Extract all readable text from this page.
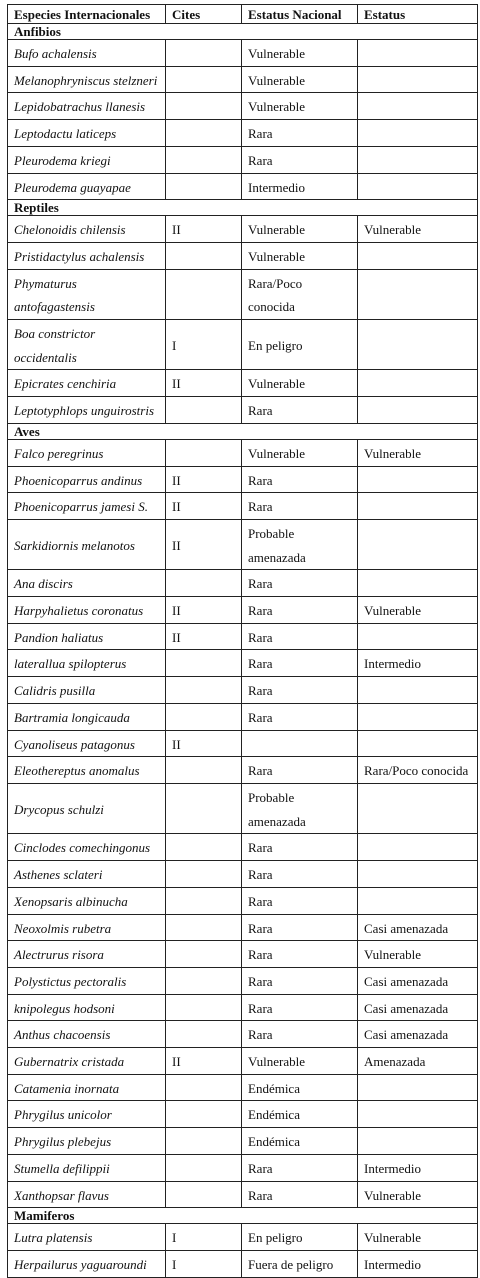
Especies Internacionales	Cites	Estatus Nacional	Estatus
Anfibios			
Bufo achalensis		Vulnerable	
Melanophryniscus stelzneri		Vulnerable	
Lepidobatrachus llanesis		Vulnerable	
Leptodactu laticeps		Rara	
Pleurodema kriegi		Rara	
Pleurodema guayapae		Intermedio	
Reptiles			
Chelonoidis chilensis	II	Vulnerable	Vulnerable
Pristidactylus achalensis		Vulnerable	
Phymaturus antofagastensis		Rara/Poco conocida	
Boa constrictor occidentalis	I	En peligro	
Epicrates cenchiria	II	Vulnerable	
Leptotyphlops unguirostris		Rara	
Aves			
Falco peregrinus		Vulnerable	Vulnerable
Phoenicoparrus andinus	II	Rara	
Phoenicoparrus jamesi S.	II	Rara	
Sarkidiornis melanotos	II	Probable amenazada	
Ana discirs		Rara	
Harpyhalietus coronatus	II	Rara	Vulnerable
Pandion haliatus	II	Rara	
laterallua spilopterus		Rara	Intermedio
Calidris pusilla		Rara	
Bartramia longicauda		Rara	
Cyanoliseus patagonus	II		
Eleothereptus anomalus		Rara	Rara/Poco conocida
Drycopus schulzi		Probable amenazada	
Cinclodes comechingonus		Rara	
Asthenes sclateri		Rara	
Xenopsaris albinucha		Rara	
Neoxolmis rubetra		Rara	Casi amenazada
Alectrurus risora		Rara	Vulnerable
Polystictus pectoralis		Rara	Casi amenazada
knipolegus hodsoni		Rara	Casi amenazada
Anthus chacoensis		Rara	Casi amenazada
Gubernatrix cristada	II	Vulnerable	Amenazada
Catamenia inornata		Endémica	
Phrygilus unicolor		Endémica	
Phrygilus plebejus		Endémica	
Stumella defilippii		Rara	Intermedio
Xanthopsar flavus		Rara	Vulnerable
Mamiferos			
Lutra platensis	I	En peligro	Vulnerable
Herpailurus yaguaroundi	I	Fuera de peligro	Intermedio
